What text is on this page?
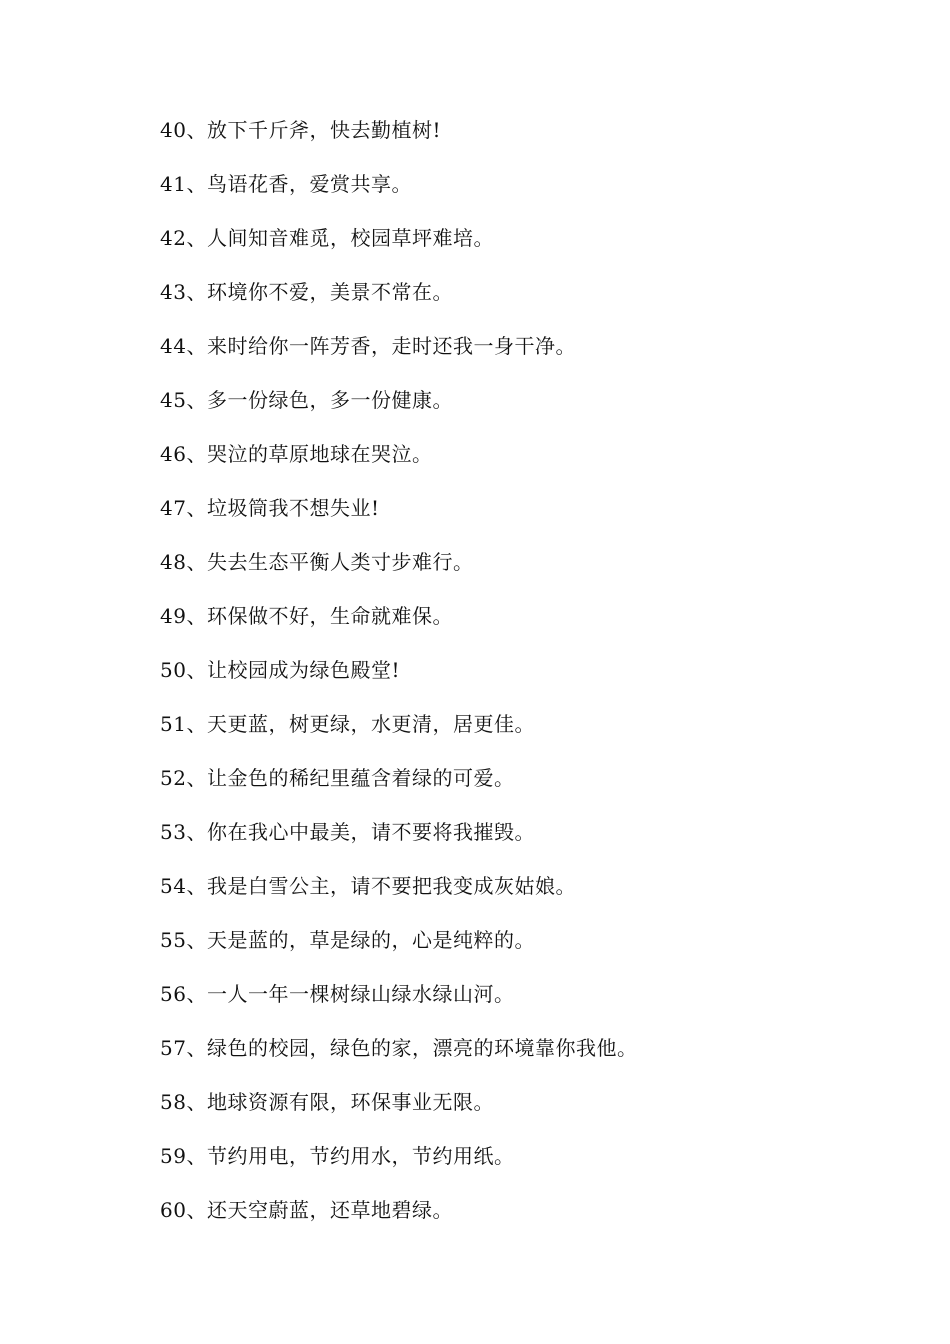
40、放下千斤斧，快去勤植树!
41、鸟语花香，爱赏共享。
42、人间知音难觅，校园草坪难培。
43、环境你不爱，美景不常在。
44、来时给你一阵芳香，走时还我一身干净。
45、多一份绿色，多一份健康。
46、哭泣的草原地球在哭泣。
47、垃圾筒我不想失业!
48、失去生态平衡人类寸步难行。
49、环保做不好，生命就难保。
50、让校园成为绿色殿堂!
51、天更蓝，树更绿，水更清，居更佳。
52、让金色的稀纪里蕴含着绿的可爱。
53、你在我心中最美，请不要将我摧毁。
54、我是白雪公主，请不要把我变成灰姑娘。
55、天是蓝的，草是绿的，心是纯粹的。
56、一人一年一棵树绿山绿水绿山河。
57、绿色的校园，绿色的家，漂亮的环境靠你我他。
58、地球资源有限，环保事业无限。
59、节约用电，节约用水，节约用纸。
60、还天空蔚蓝，还草地碧绿。
